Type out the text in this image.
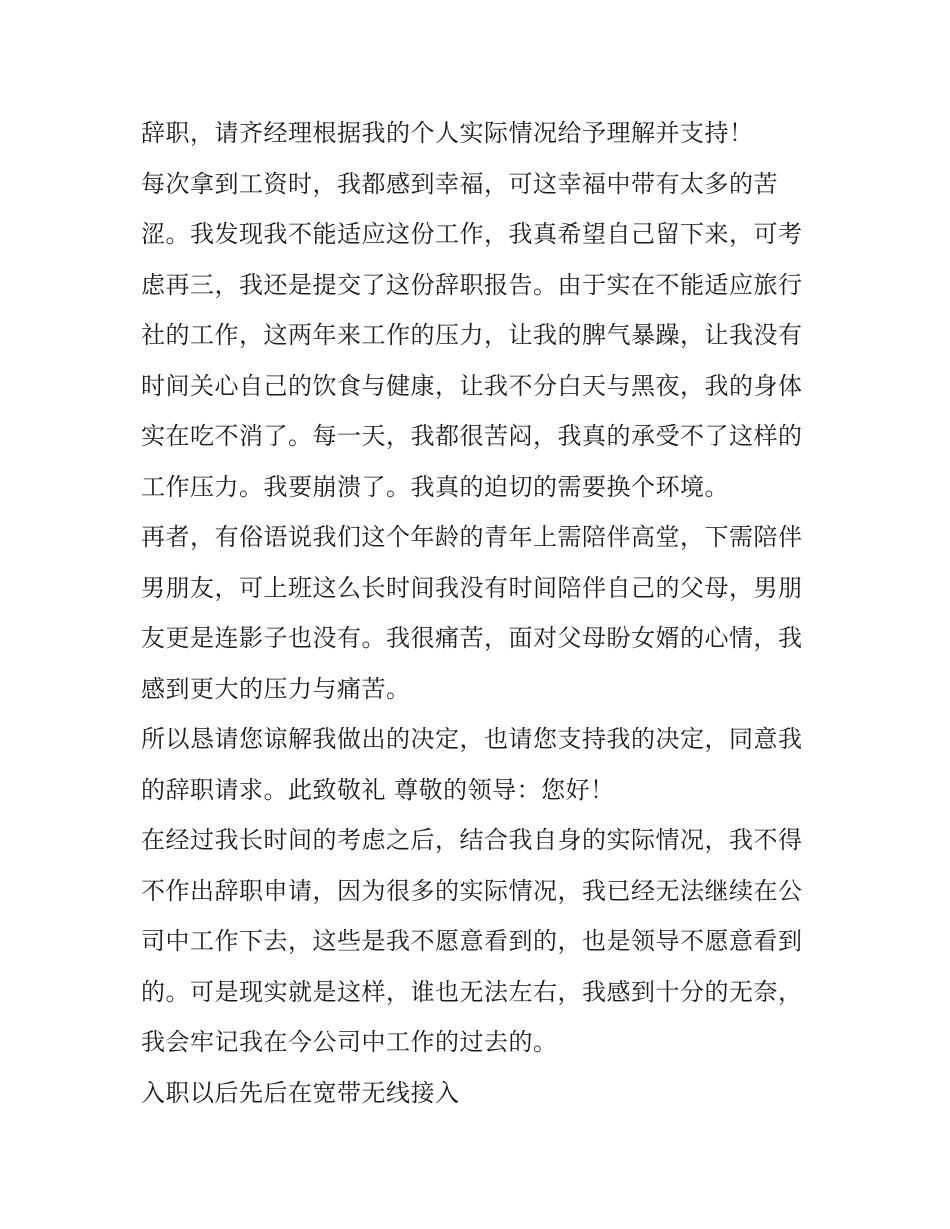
辞职，请齐经理根据我的个人实际情况给予理解并支持！

每次拿到工资时，我都感到幸福，可这幸福中带有太多的苦涩。我发现我不能适应这份工作，我真希望自己留下来，可考虑再三，我还是提交了这份辞职报告。由于实在不能适应旅行社的工作，这两年来工作的压力，让我的脾气暴躁，让我没有时间关心自己的饮食与健康，让我不分白天与黑夜，我的身体实在吃不消了。每一天，我都很苦闷，我真的承受不了这样的工作压力。我要崩溃了。我真的迫切的需要换个环境。

再者，有俗语说我们这个年龄的青年上需陪伴高堂，下需陪伴男朋友，可上班这么长时间我没有时间陪伴自己的父母，男朋友更是连影子也没有。我很痛苦，面对父母盼女婿的心情，我感到更大的压力与痛苦。

所以恳请您谅解我做出的决定，也请您支持我的决定，同意我的辞职请求。此致敬礼 尊敬的领导：您好！

在经过我长时间的考虑之后，结合我自身的实际情况，我不得不作出辞职申请，因为很多的实际情况，我已经无法继续在公司中工作下去，这些是我不愿意看到的，也是领导不愿意看到的。可是现实就是这样，谁也无法左右，我感到十分的无奈，我会牢记我在今公司中工作的过去的。

入职以后先后在宽带无线接入
